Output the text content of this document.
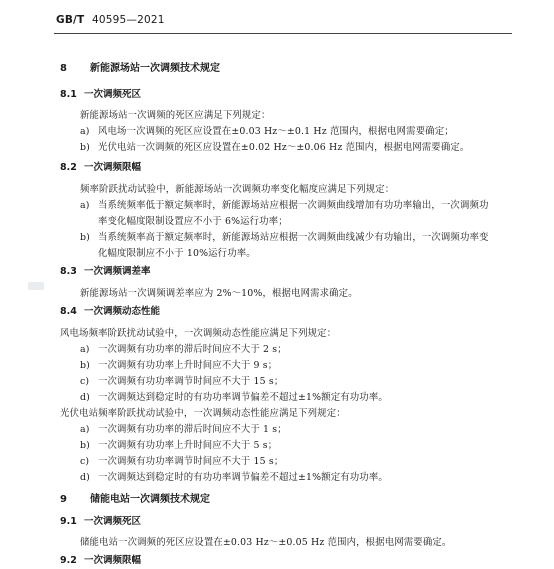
GB/T 40595—2021
8 新能源场站一次调频技术规定
8.1 一次调频死区
新能源场站一次调频的死区应满足下列规定：
a) 风电场一次调频的死区应设置在±0.03 Hz～±0.1 Hz 范围内，根据电网需要确定；
b) 光伏电站一次调频的死区应设置在±0.02 Hz～±0.06 Hz 范围内，根据电网需要确定。
8.2 一次调频限幅
频率阶跃扰动试验中，新能源场站一次调频功率变化幅度应满足下列规定：
a) 当系统频率低于额定频率时，新能源场站应根据一次调频曲线增加有功功率输出，一次调频功
率变化幅度限制设置应不小于 6%运行功率；
b) 当系统频率高于额定频率时，新能源场站应根据一次调频曲线减少有功输出，一次调频功率变
化幅度限制应不小于 10%运行功率。
8.3 一次调频调差率
新能源场站一次调频调差率应为 2%～10%，根据电网需求确定。
8.4 一次调频动态性能
风电场频率阶跃扰动试验中，一次调频动态性能应满足下列规定：
a) 一次调频有功功率的滞后时间应不大于 2 s；
b) 一次调频有功功率上升时间应不大于 9 s；
c) 一次调频有功功率调节时间应不大于 15 s；
d) 一次调频达到稳定时的有功功率调节偏差不超过±1%额定有功功率。
光伏电站频率阶跃扰动试验中，一次调频动态性能应满足下列规定：
a) 一次调频有功功率的滞后时间应不大于 1 s；
b) 一次调频有功功率上升时间应不大于 5 s；
c) 一次调频有功功率调节时间应不大于 15 s；
d) 一次调频达到稳定时的有功功率调节偏差不超过±1%额定有功功率。
9 储能电站一次调频技术规定
9.1 一次调频死区
储能电站一次调频的死区应设置在±0.03 Hz～±0.05 Hz 范围内，根据电网需要确定。
9.2 一次调频限幅
